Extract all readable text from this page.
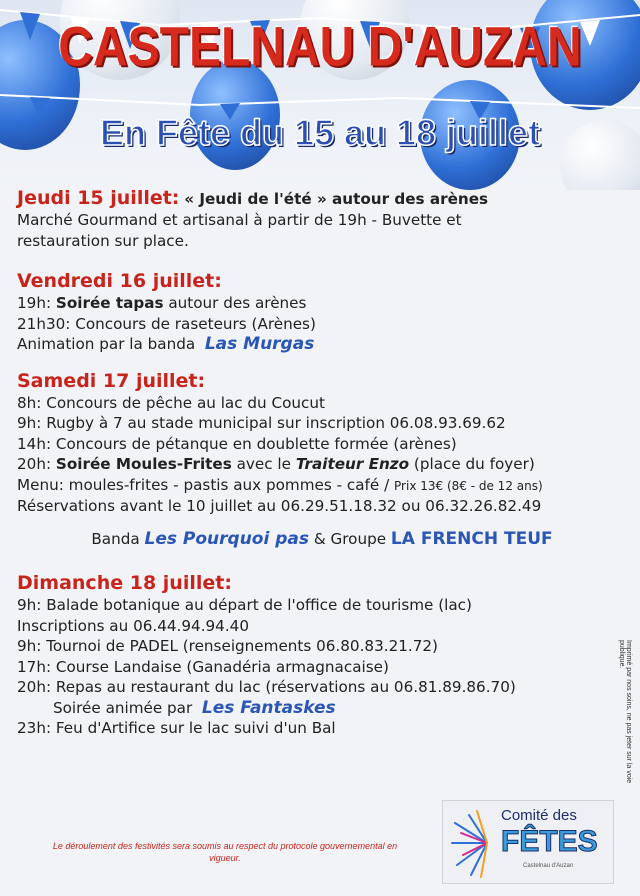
CASTELNAU D'AUZAN
En Fête du 15 au 18 juillet
Jeudi 15 juillet: « Jeudi de l'été » autour des arènes
Marché Gourmand et artisanal à partir de 19h - Buvette et
restauration sur place.
Vendredi 16 juillet:
19h: Soirée tapas autour des arènes
21h30: Concours de raseteurs (Arènes)
Animation par la banda Las Murgas
Samedi 17 juillet:
8h: Concours de pêche au lac du Coucut
9h: Rugby à 7 au stade municipal sur inscription 06.08.93.69.62
14h: Concours de pétanque en doublette formée (arènes)
20h: Soirée Moules-Frites avec le Traiteur Enzo (place du foyer)
Menu: moules-frites - pastis aux pommes - café / Prix 13€ (8€ - de 12 ans)
Réservations avant le 10 juillet au 06.29.51.18.32 ou 06.32.26.82.49
Banda Les Pourquoi pas & Groupe LA FRENCH TEUF
Dimanche 18 juillet:
9h: Balade botanique au départ de l'office de tourisme (lac)
Inscriptions au 06.44.94.94.40
9h: Tournoi de PADEL (renseignements 06.80.83.21.72)
17h: Course Landaise (Ganadéria armagnacaise)
20h: Repas au restaurant du lac (réservations au 06.81.89.86.70)
Soirée animée par Les Fantaskes
23h: Feu d'Artifice sur le lac suivi d'un Bal
Le déroulement des festivités sera soumis au respect du protocole gouvernemental en vigueur.
Imprimé par nos soins, ne pas jeter sur la voie publique.
Comité des
FÊTES
Castelnau d'Auzan
